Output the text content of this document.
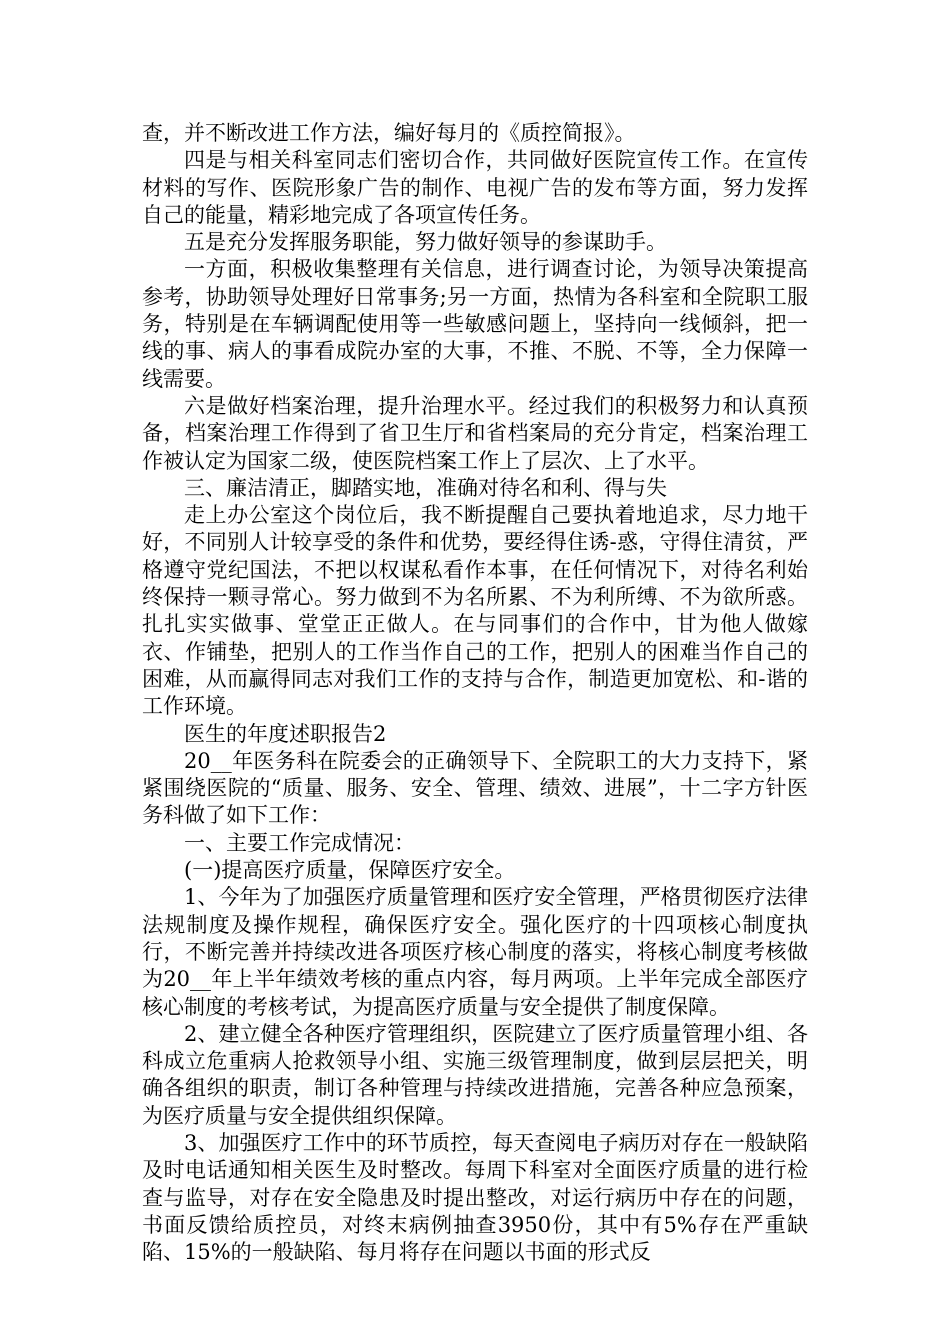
查，并不断改进工作方法，编好每月的《质控简报》。

四是与相关科室同志们密切合作，共同做好医院宣传工作。在宣传材料的写作、医院形象广告的制作、电视广告的发布等方面，努力发挥自己的能量，精彩地完成了各项宣传任务。

五是充分发挥服务职能，努力做好领导的参谋助手。

一方面，积极收集整理有关信息，进行调查讨论，为领导决策提高参考，协助领导处理好日常事务;另一方面，热情为各科室和全院职工服务，特别是在车辆调配使用等一些敏感问题上，坚持向一线倾斜，把一线的事、病人的事看成院办室的大事，不推、不脱、不等，全力保障一线需要。

六是做好档案治理，提升治理水平。经过我们的积极努力和认真预备，档案治理工作得到了省卫生厅和省档案局的充分肯定，档案治理工作被认定为国家二级，使医院档案工作上了层次、上了水平。

三、廉洁清正，脚踏实地，准确对待名和利、得与失

走上办公室这个岗位后，我不断提醒自己要执着地追求，尽力地干好，不同别人计较享受的条件和优势，要经得住诱-惑，守得住清贫，严格遵守党纪国法，不把以权谋私看作本事，在任何情况下，对待名利始终保持一颗寻常心。努力做到不为名所累、不为利所缚、不为欲所惑。扎扎实实做事、堂堂正正做人。在与同事们的合作中，甘为他人做嫁衣、作铺垫，把别人的工作当作自己的工作，把别人的困难当作自己的困难，从而赢得同志对我们工作的支持与合作，制造更加宽松、和-谐的工作环境。

医生的年度述职报告2

20__年医务科在院委会的正确领导下、全院职工的大力支持下，紧紧围绕医院的“质量、服务、安全、管理、绩效、进展”，十二字方针医务科做了如下工作：

一、主要工作完成情况：

(一)提高医疗质量，保障医疗安全。

1、今年为了加强医疗质量管理和医疗安全管理，严格贯彻医疗法律法规制度及操作规程，确保医疗安全。强化医疗的十四项核心制度执行，不断完善并持续改进各项医疗核心制度的落实，将核心制度考核做为20__年上半年绩效考核的重点内容，每月两项。上半年完成全部医疗核心制度的考核考试，为提高医疗质量与安全提供了制度保障。

2、建立健全各种医疗管理组织，医院建立了医疗质量管理小组、各科成立危重病人抢救领导小组、实施三级管理制度，做到层层把关，明确各组织的职责，制订各种管理与持续改进措施，完善各种应急预案，为医疗质量与安全提供组织保障。

3、加强医疗工作中的环节质控，每天查阅电子病历对存在一般缺陷及时电话通知相关医生及时整改。每周下科室对全面医疗质量的进行检查与监导，对存在安全隐患及时提出整改，对运行病历中存在的问题，书面反馈给质控员，对终末病例抽查3950份，其中有5%存在严重缺陷、15%的一般缺陷、每月将存在问题以书面的形式反
